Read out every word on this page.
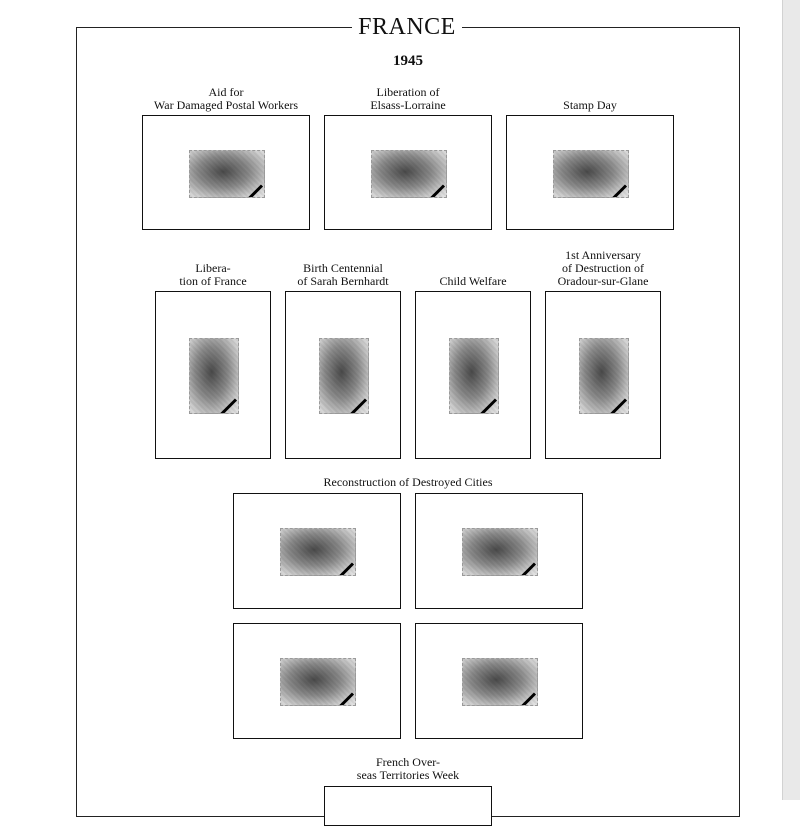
FRANCE
1945
Aid for
War Damaged Postal Workers
Liberation of
Elsass-Lorraine	Stamp Day
Libera-
tion of France
Birth Centennial
of Sarah Bernhardt	Child Welfare
1st Anniversary
of Destruction of
Oradour-sur-Glane
Reconstruction of Destroyed Cities
French Over-
seas Territories Week
